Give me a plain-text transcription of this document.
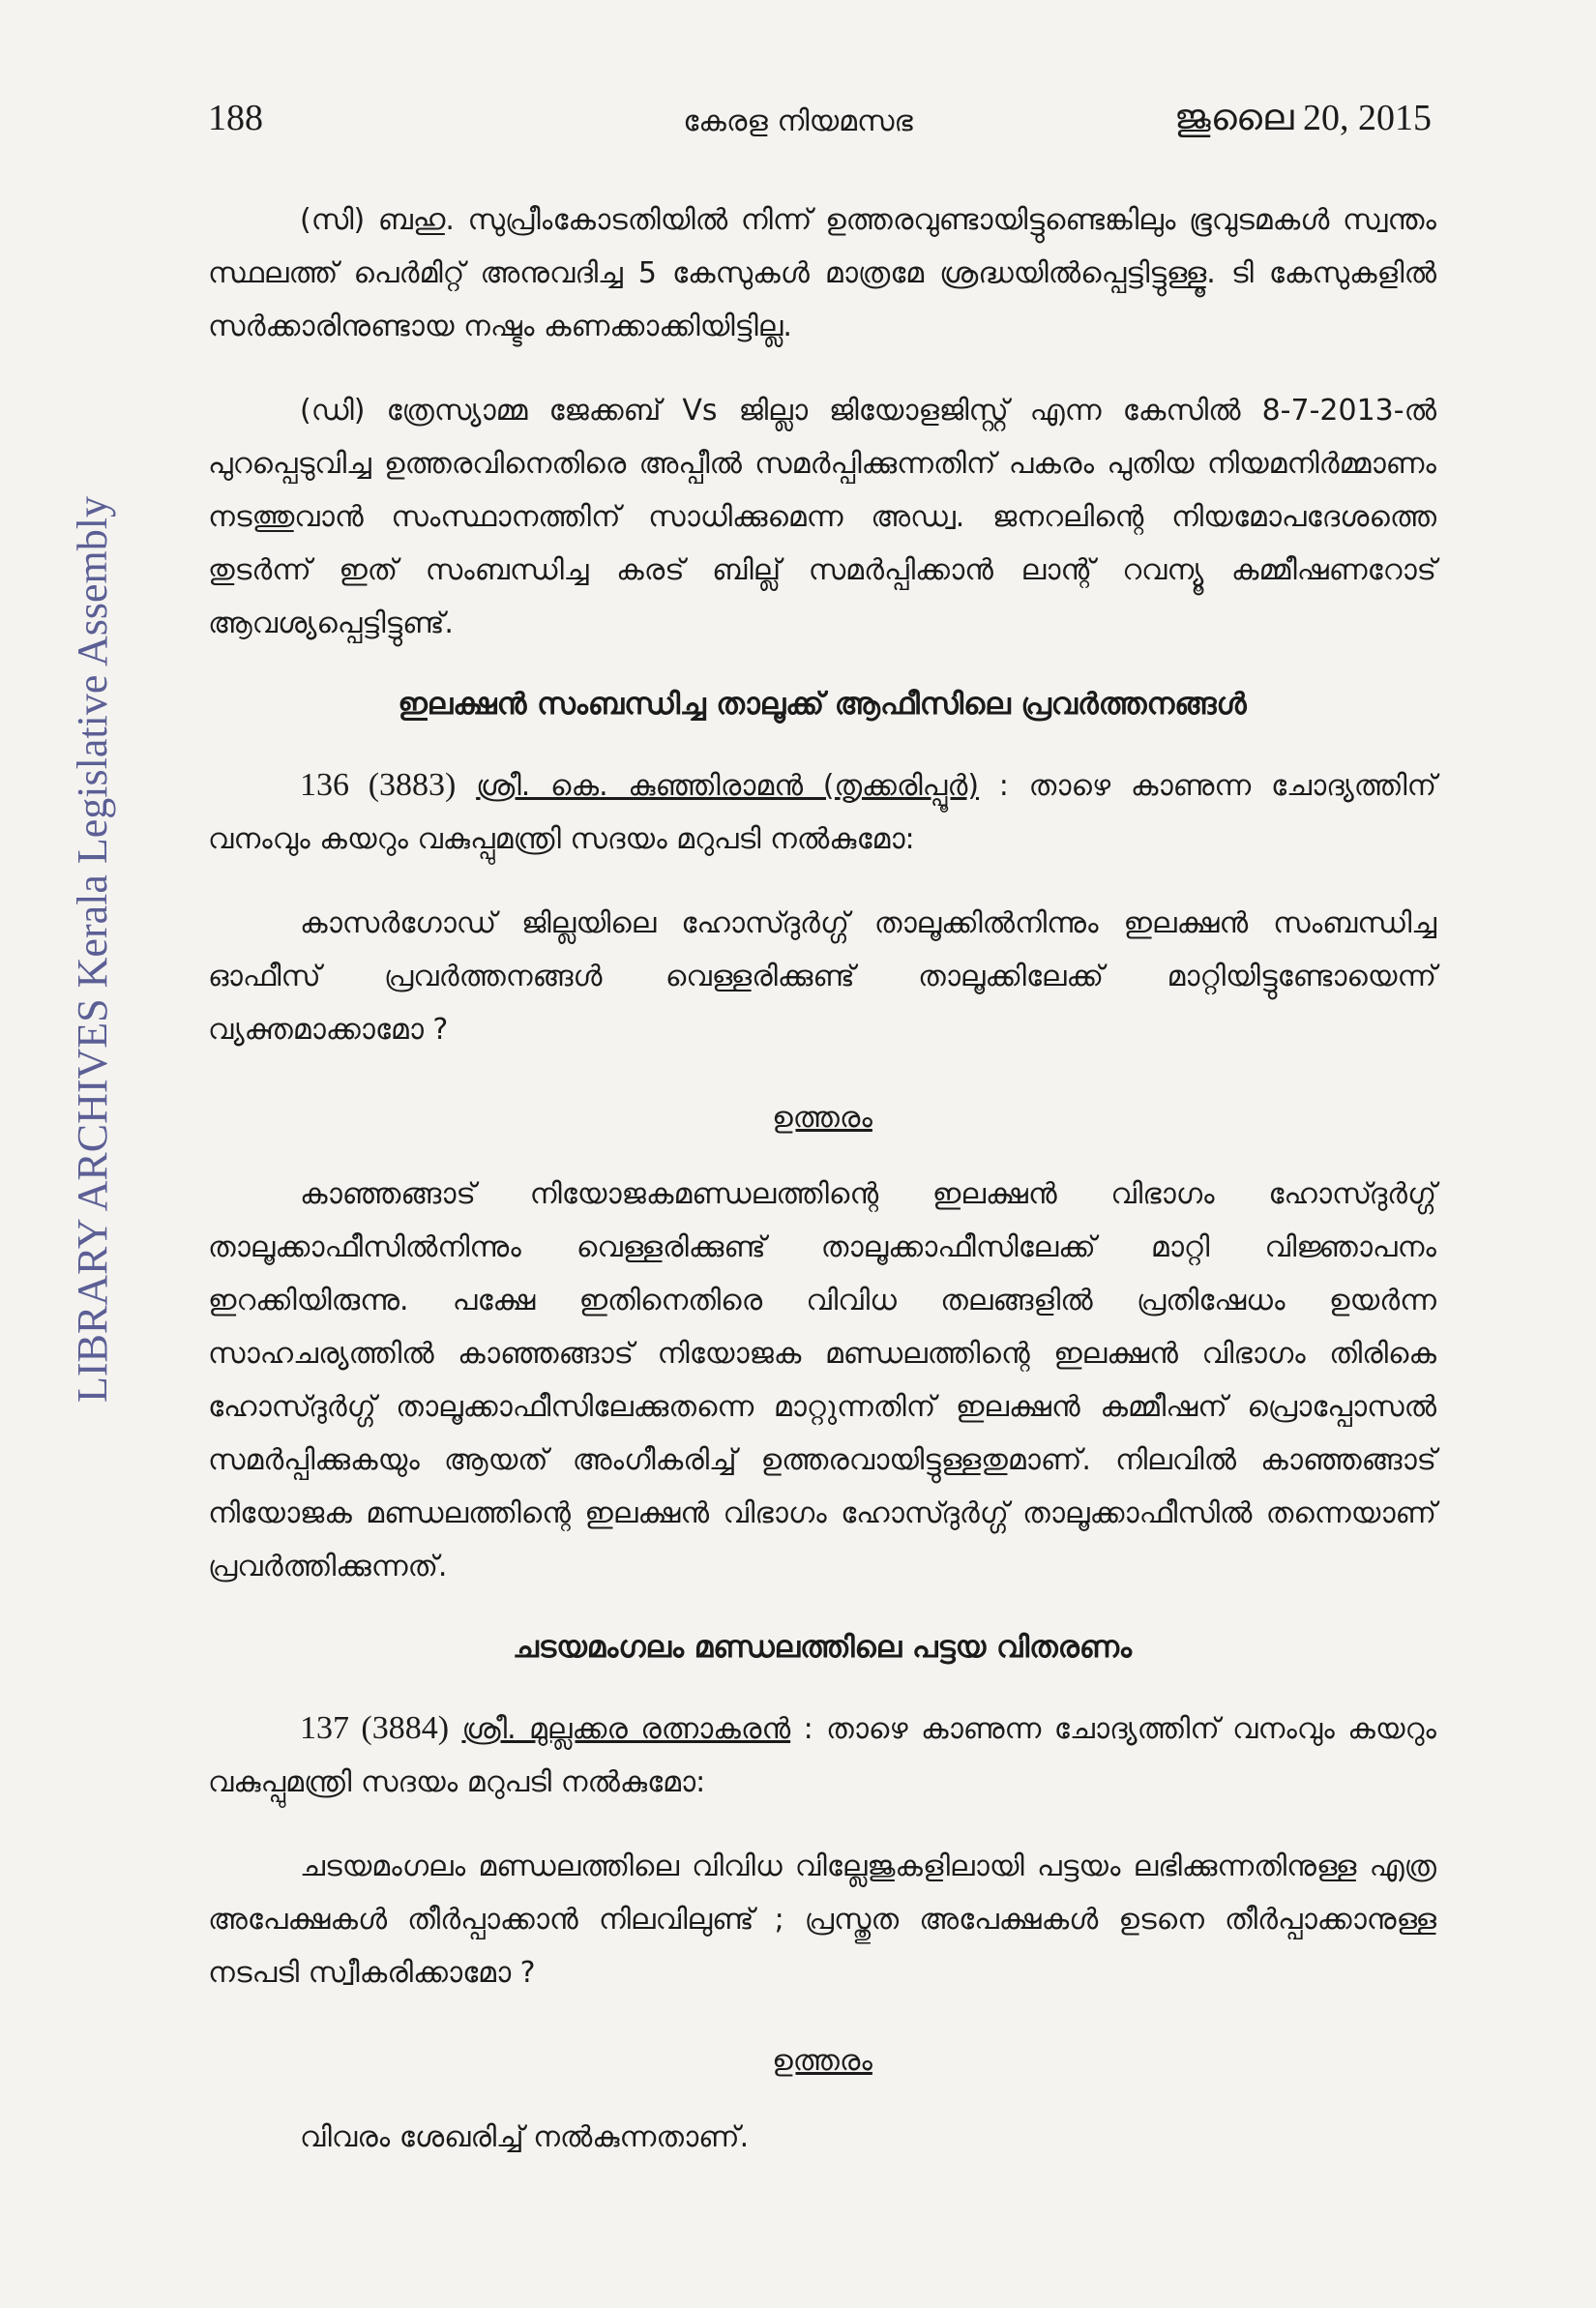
188	കേരള നിയമസഭ	ജൂലൈ 20, 2015
LIBRARY ARCHIVES Kerala Legislative Assembly

(സി) ബഹു. സുപ്രീംകോടതിയിൽ നിന്ന് ഉത്തരവുണ്ടായിട്ടുണ്ടെങ്കിലും ഭൂവുടമകൾ സ്വന്തം സ്ഥലത്ത് പെർമിറ്റ് അനുവദിച്ച 5 കേസുകൾ മാത്രമേ ശ്രദ്ധയിൽപ്പെട്ടിട്ടുള്ളൂ. ടി കേസുകളിൽ സർക്കാരിനുണ്ടായ നഷ്ടം കണക്കാക്കിയിട്ടില്ല.

(ഡി) ത്രേസ്യാമ്മ ജേക്കബ് Vs ജില്ലാ ജിയോളജിസ്റ്റ് എന്ന കേസിൽ 8-7-2013-ൽ പുറപ്പെടുവിച്ച ഉത്തരവിനെതിരെ അപ്പീൽ സമർപ്പിക്കുന്നതിന് പകരം പുതിയ നിയമനിർമ്മാണം നടത്തുവാൻ സംസ്ഥാനത്തിന് സാധിക്കുമെന്ന അഡ്വ. ജനറലിന്റെ നിയമോപദേശത്തെ തുടർന്ന് ഇത് സംബന്ധിച്ച കരട് ബില്ല് സമർപ്പിക്കാൻ ലാന്റ് റവന്യൂ കമ്മീഷണറോട് ആവശ്യപ്പെട്ടിട്ടുണ്ട്.

ഇലക്ഷൻ സംബന്ധിച്ച താലൂക്ക് ആഫീസിലെ പ്രവർത്തനങ്ങൾ

136 (3883) ശ്രീ. കെ. കുഞ്ഞിരാമൻ (തൃക്കരിപ്പൂർ) : താഴെ കാണുന്ന ചോദ്യത്തിന് വനംവും കയറും വകുപ്പുമന്ത്രി സദയം മറുപടി നൽകുമോ:

കാസർഗോഡ് ജില്ലയിലെ ഹോസ്ദുർഗ്ഗ് താലൂക്കിൽനിന്നും ഇലക്ഷൻ സംബന്ധിച്ച ഓഫീസ് പ്രവർത്തനങ്ങൾ വെള്ളരിക്കുണ്ട് താലൂക്കിലേക്ക് മാറ്റിയിട്ടുണ്ടോയെന്ന് വ്യക്തമാക്കാമോ ?

ഉത്തരം

കാഞ്ഞങ്ങാട് നിയോജകമണ്ഡലത്തിന്റെ ഇലക്ഷൻ വിഭാഗം ഹോസ്ദുർഗ്ഗ് താലൂക്കാഫീസിൽനിന്നും വെള്ളരിക്കുണ്ട് താലൂക്കാഫീസിലേക്ക് മാറ്റി വിജ്ഞാപനം ഇറക്കിയിരുന്നു. പക്ഷേ ഇതിനെതിരെ വിവിധ തലങ്ങളിൽ പ്രതിഷേധം ഉയർന്ന സാഹചര്യത്തിൽ കാഞ്ഞങ്ങാട് നിയോജക മണ്ഡലത്തിന്റെ ഇലക്ഷൻ വിഭാഗം തിരികെ ഹോസ്ദുർഗ്ഗ് താലൂക്കാഫീസിലേക്കുതന്നെ മാറ്റുന്നതിന് ഇലക്ഷൻ കമ്മീഷന് പ്രൊപ്പോസൽ സമർപ്പിക്കുകയും ആയത് അംഗീകരിച്ച് ഉത്തരവായിട്ടുള്ളതുമാണ്. നിലവിൽ കാഞ്ഞങ്ങാട് നിയോജക മണ്ഡലത്തിന്റെ ഇലക്ഷൻ വിഭാഗം ഹോസ്ദുർഗ്ഗ് താലൂക്കാഫീസിൽ തന്നെയാണ് പ്രവർത്തിക്കുന്നത്.

ചടയമംഗലം മണ്ഡലത്തിലെ പട്ടയ വിതരണം

137 (3884) ശ്രീ. മുല്ലക്കര രത്നാകരൻ : താഴെ കാണുന്ന ചോദ്യത്തിന് വനംവും കയറും വകുപ്പുമന്ത്രി സദയം മറുപടി നൽകുമോ:

ചടയമംഗലം മണ്ഡലത്തിലെ വിവിധ വില്ലേജുകളിലായി പട്ടയം ലഭിക്കുന്നതിനുള്ള എത്ര അപേക്ഷകൾ തീർപ്പാക്കാൻ നിലവിലുണ്ട് ; പ്രസ്തുത അപേക്ഷകൾ ഉടനെ തീർപ്പാക്കാനുള്ള നടപടി സ്വീകരിക്കാമോ ?

ഉത്തരം

വിവരം ശേഖരിച്ച് നൽകുന്നതാണ്.
